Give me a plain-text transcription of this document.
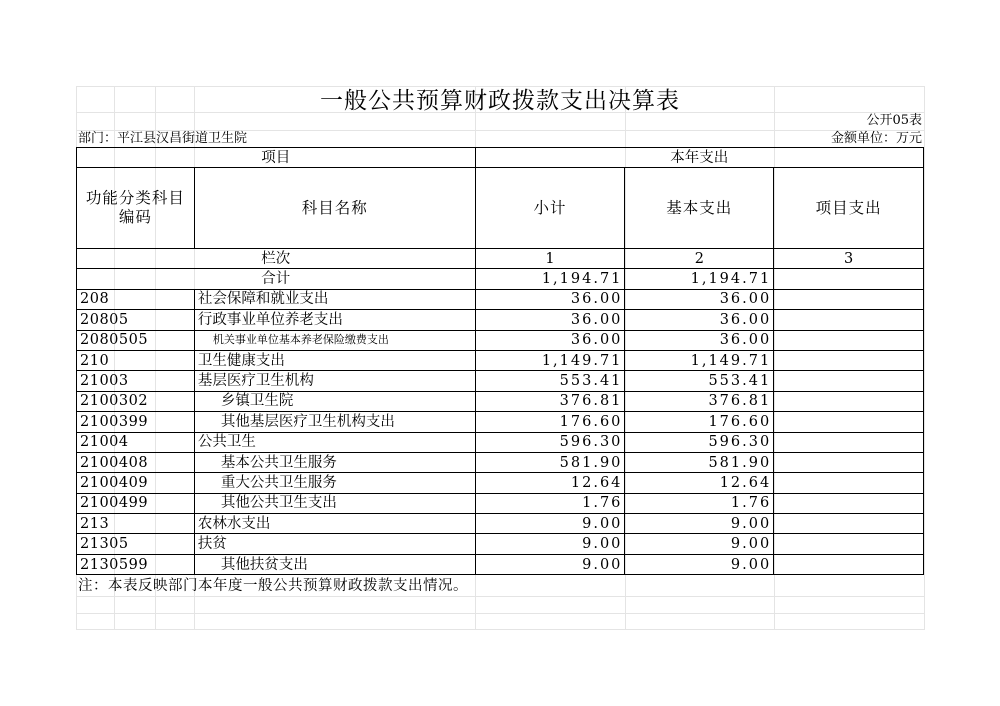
一般公共预算财政拨款支出决算表
公开05表
部门：平江县汉昌街道卫生院	金额单位：万元
项目		本年支出		
功能分类科目编码	科目名称	小计	基本支出	项目支出
栏次		1	2	3
合计		1,194.71	1,194.71	
208	社会保障和就业支出	36.00	36.00	
20805	行政事业单位养老支出	36.00	36.00	
2080505	机关事业单位基本养老保险缴费支出	36.00	36.00	
210	卫生健康支出	1,149.71	1,149.71	
21003	基层医疗卫生机构	553.41	553.41	
2100302	乡镇卫生院	376.81	376.81	
2100399	其他基层医疗卫生机构支出	176.60	176.60	
21004	公共卫生	596.30	596.30	
2100408	基本公共卫生服务	581.90	581.90	
2100409	重大公共卫生服务	12.64	12.64	
2100499	其他公共卫生支出	1.76	1.76	
213	农林水支出	9.00	9.00	
21305	扶贫	9.00	9.00	
2130599	其他扶贫支出	9.00	9.00	
注：本表反映部门本年度一般公共预算财政拨款支出情况。
